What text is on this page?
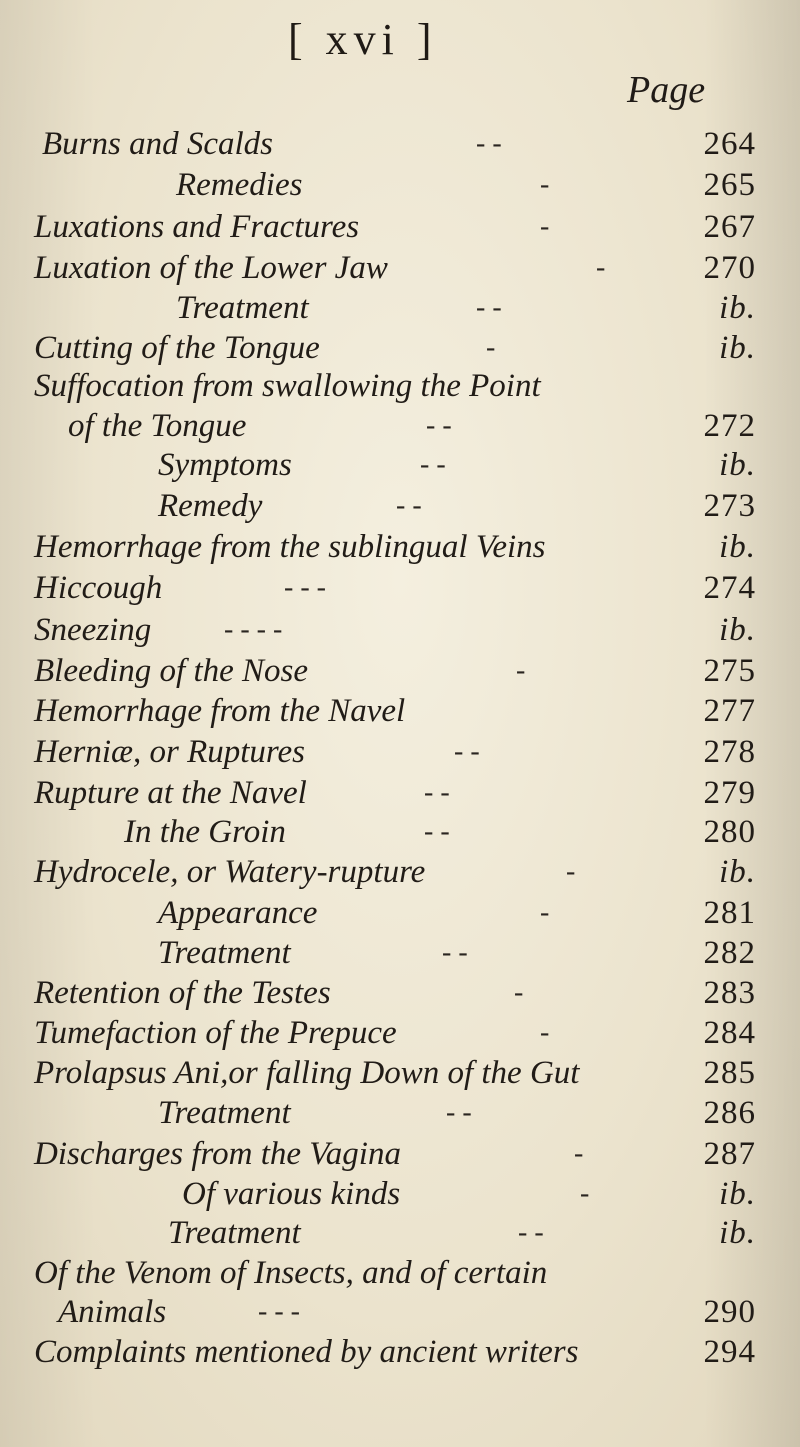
[ xvi ]
Page
Burns and Scalds	- -	264
Remedies	-	265
Luxations and Fractures	-	267
Luxation of the Lower Jaw	-	270
Treatment	- -	ib.
Cutting of the Tongue	-	ib.
Suffocation from swallowing the Point
of the Tongue	- -	272
Symptoms	- -	ib.
Remedy	- -	273
Hemorrhage from the sublingual Veins	ib.
Hiccough	- - -	274
Sneezing	- - - -	ib.
Bleeding of the Nose	-	275
Hemorrhage from the Navel	277
Herniæ, or Ruptures	- -	278
Rupture at the Navel	- -	279
In the Groin	- -	280
Hydrocele, or Watery-rupture	-	ib.
Appearance	-	281
Treatment	- -	282
Retention of the Testes	-	283
Tumefaction of the Prepuce	-	284
Prolapsus Ani,or falling Down of the Gut	285
Treatment	- -	286
Discharges from the Vagina	-	287
Of various kinds	-	ib.
Treatment	- -	ib.
Of the Venom of Insects, and of certain
Animals	- - -	290
Complaints mentioned by ancient writers	294
